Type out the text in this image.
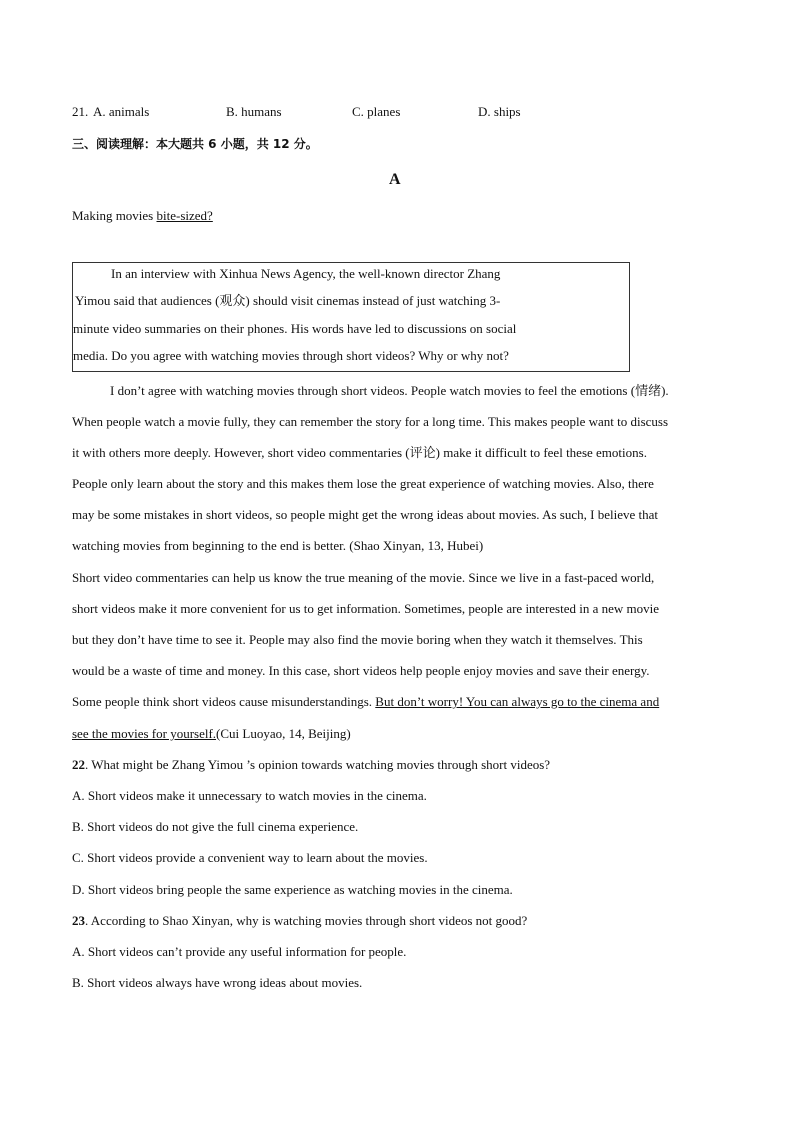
21. A. animals	B. humans	C. planes	D. ships
三、阅读理解：本大题共 6 小题，共 12 分。
A
Making movies bite-sized?
In an interview with Xinhua News Agency, the well-known director Zhang
Yimou said that audiences (观众) should visit cinemas instead of just watching 3-
minute video summaries on their phones. His words have led to discussions on social
media. Do you agree with watching movies through short videos? Why or why not?
I don’t agree with watching movies through short videos. People watch movies to feel the emotions (情绪).
When people watch a movie fully, they can remember the story for a long time. This makes people want to discuss
it with others more deeply. However, short video commentaries (评论) make it difficult to feel these emotions.
People only learn about the story and this makes them lose the great experience of watching movies. Also, there
may be some mistakes in short videos, so people might get the wrong ideas about movies. As such, I believe that
watching movies from beginning to the end is better. (Shao Xinyan, 13, Hubei)
Short video commentaries can help us know the true meaning of the movie. Since we live in a fast-paced world,
short videos make it more convenient for us to get information. Sometimes, people are interested in a new movie
but they don’t have time to see it. People may also find the movie boring when they watch it themselves. This
would be a waste of time and money. In this case, short videos help people enjoy movies and save their energy.
Some people think short videos cause misunderstandings. But don’t worry! You can always go to the cinema and
see the movies for yourself.(Cui Luoyao, 14, Beijing)
22. What might be Zhang Yimou ’s opinion towards watching movies through short videos?
A. Short videos make it unnecessary to watch movies in the cinema.
B. Short videos do not give the full cinema experience.
C. Short videos provide a convenient way to learn about the movies.
D. Short videos bring people the same experience as watching movies in the cinema.
23. According to Shao Xinyan, why is watching movies through short videos not good?
A. Short videos can’t provide any useful information for people.
B. Short videos always have wrong ideas about movies.
